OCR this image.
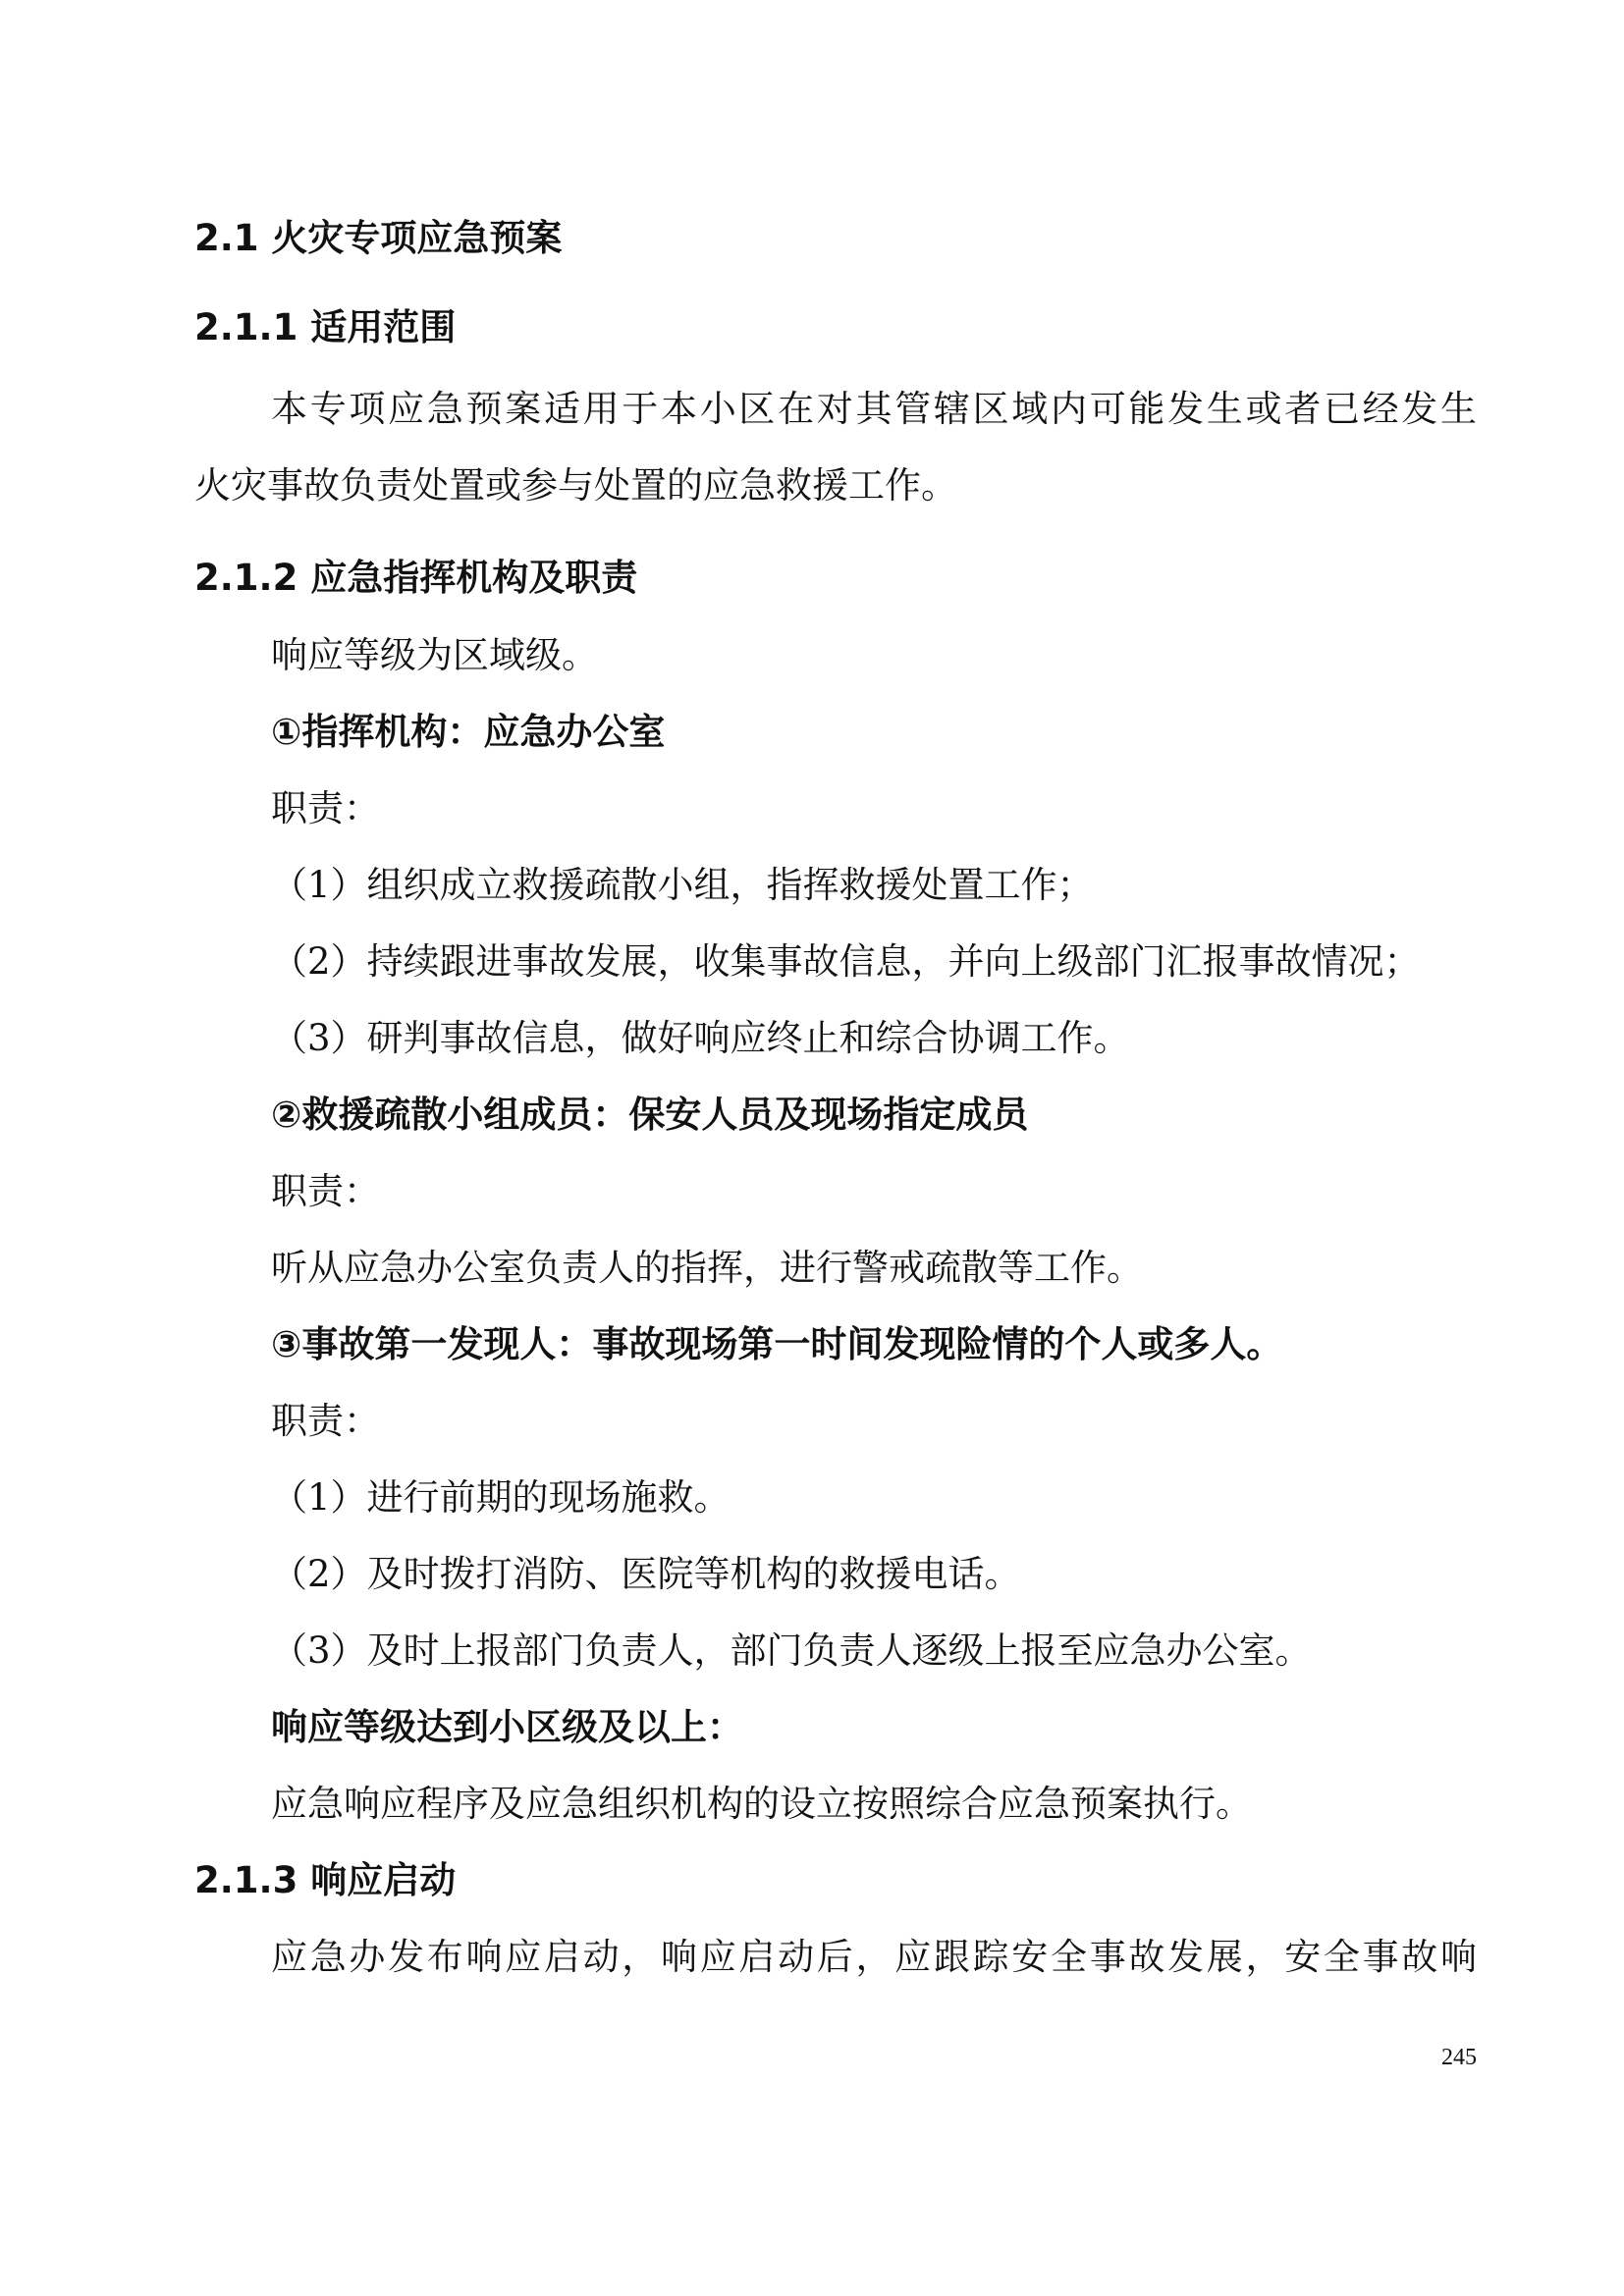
2.1 火灾专项应急预案
2.1.1 适用范围
本专项应急预案适用于本小区在对其管辖区域内可能发生或者已经发生
火灾事故负责处置或参与处置的应急救援工作。
2.1.2 应急指挥机构及职责
响应等级为区域级。
①指挥机构：应急办公室
职责：
（1）组织成立救援疏散小组，指挥救援处置工作；
（2）持续跟进事故发展，收集事故信息，并向上级部门汇报事故情况；
（3）研判事故信息，做好响应终止和综合协调工作。
②救援疏散小组成员：保安人员及现场指定成员
职责：
听从应急办公室负责人的指挥，进行警戒疏散等工作。
③事故第一发现人：事故现场第一时间发现险情的个人或多人。
职责：
（1）进行前期的现场施救。
（2）及时拨打消防、医院等机构的救援电话。
（3）及时上报部门负责人，部门负责人逐级上报至应急办公室。
响应等级达到小区级及以上：
应急响应程序及应急组织机构的设立按照综合应急预案执行。
2.1.3 响应启动
应急办发布响应启动，响应启动后，应跟踪安全事故发展，安全事故响
245
